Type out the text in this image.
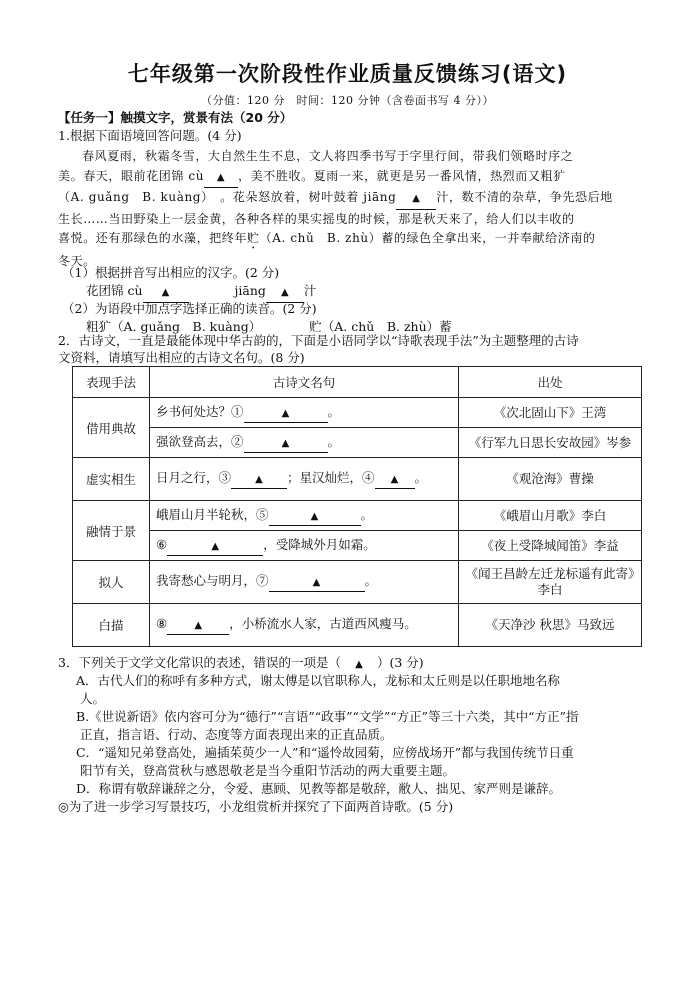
七年级第一次阶段性作业质量反馈练习(语文)
（分值：120 分　时间：120 分钟（含卷面书写 4 分））
【任务一】触摸文字，赏景有法（20 分）
1.根据下面语境回答问题。(4 分)
春风夏雨，秋霜冬雪，大自然生生不息，文人将四季书写于字里行间，带我们领略时序之
美。春天，眼前花团锦 cù ▲ ，美不胜收。夏雨一来，就更是另一番风情，热烈而又粗犷
（A. guǎng　B. kuàng）　。花朵怒放着，树叶鼓着 jiāng ▲ 汁，数不清的杂草，争先恐后地
生长……当田野染上一层金黄，各种各样的果实摇曳的时候，那是秋天来了，给人们以丰收的
喜悦。还有那绿色的水藻，把终年贮（A. chǔ　B. zhù）蓄的绿色全拿出来，一并奉献给济南的
冬天。
（1）根据拼音写出相应的汉字。(2 分)
花团锦 cù ▲	jiāng ▲ 汁
（2）为语段中加点字选择正确的读音。(2 分)
粗犷（A. guǎng　B. kuàng）	贮（A. chǔ　B. zhù）蓄
2．古诗文，一直是最能体现中华古韵的，下面是小语同学以“诗歌表现手法”为主题整理的古诗
文资料，请填写出相应的古诗文名句。(8 分)
表现手法	古诗文名句	出处
借用典故	乡书何处达？① ▲ 。	《次北固山下》王湾
	强欲登高去，② ▲ 。	《行军九日思长安故园》岑参
虚实相生	日月之行，③ ▲ ；星汉灿烂，④ ▲ 。	《观沧海》曹操
融情于景	峨眉山月半轮秋，⑤ ▲ 。	《峨眉山月歌》李白
	⑥ ▲ ，受降城外月如霜。	《夜上受降城闻笛》李益
拟人	我寄愁心与明月，⑦ ▲ 。	《闻王昌龄左迁龙标遥有此寄》李白
白描	⑧ ▲ ，小桥流水人家，古道西风瘦马。	《天净沙 秋思》马致远
3．下列关于文学文化常识的表述，错误的一项是（ ▲ ）(3 分)
A．古代人们的称呼有多种方式，谢太傅是以官职称人，龙标和太丘则是以任职地地名称
人。
B.《世说新语》依内容可分为“德行”“言语”“政事”“文学”“方正”等三十六类，其中“方正”指
正直，指言语、行动、态度等方面表现出来的正直品质。
C．“遥知兄弟登高处，遍插茱萸少一人”和“遥怜故园菊，应傍战场开”都与我国传统节日重
阳节有关，登高赏秋与感恩敬老是当今重阳节活动的两大重要主题。
D．称谓有敬辞谦辞之分，令爱、惠顾、见教等都是敬辞，敝人、拙见、家严则是谦辞。
◎为了进一步学习写景技巧，小龙组赏析并探究了下面两首诗歌。(5 分)
